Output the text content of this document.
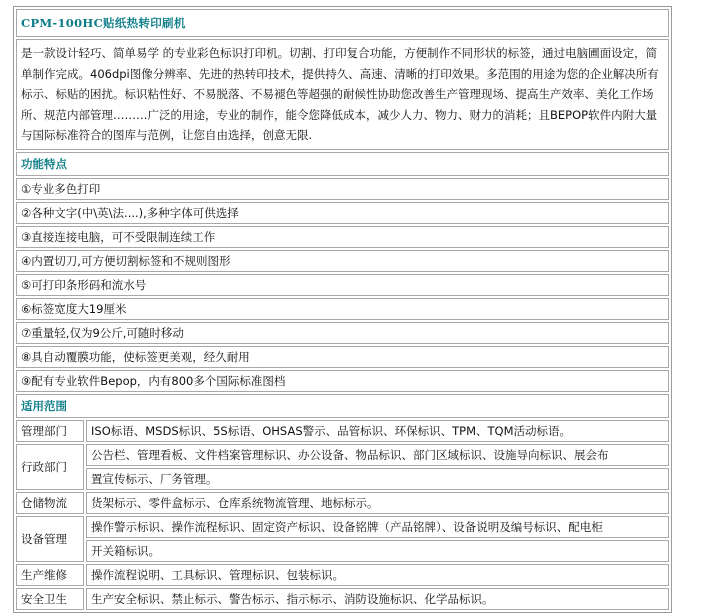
CPM-100HC贴纸热转印刷机	
是一款设计轻巧、简单易学 的专业彩色标识打印机。切割、打印复合功能，方便制作不同形状的标签，通过电脑圃面设定，简单制作完成。406dpi图像分辨率、先进的热转印技术，提供持久、高速、清晰的打印效果。多范围的用途为您的企业解决所有标示、标贴的困扰。标识粘性好、不易脱落、不易褪色等超强的耐候性协助您改善生产管理现场、提高生产效率、美化工作场所、规范内部管理………广泛的用途，专业的制作，能令您降低成本，减少人力、物力、财力的消耗；且BEPOP软件内附大量与国际标准符合的图库与范例，让您自由选择，创意无限.	
功能特点	
①专业多色打印	
②各种文字(中\英\法....),多种字体可供选择	
③直接连接电脑，可不受限制连续工作	
④内置切刀,可方便切割标签和不规则图形	
⑤可打印条形码和流水号	
⑥标签宽度大19厘米	
⑦重量轻,仅为9公斤,可随时移动	
⑧具自动覆膜功能，使标签更美观，经久耐用	
⑨配有专业软件Bepop，内有800多个国际标准图档	
适用范围	
管理部门	ISO标语、MSDS标识、5S标语、OHSAS警示、品管标识、环保标识、TPM、TQM活动标语。
行政部门	公告栏、管理看板、文件档案管理标识、办公设备、物品标识、部门区域标识、设施导向标识、展会布
	置宣传标示、厂务管理。
仓储物流	货架标示、零件盒标示、仓库系统物流管理、地标标示。
设备管理	操作警示标识、操作流程标识、固定资产标识、设备铭牌（产品铭牌）、设备说明及编号标识、配电柜
	开关箱标识。
生产维修	操作流程说明、工具标识、管理标识、包装标识。
安全卫生	生产安全标识、禁止标示、警告标示、指示标示、消防设施标识、化学品标识。
